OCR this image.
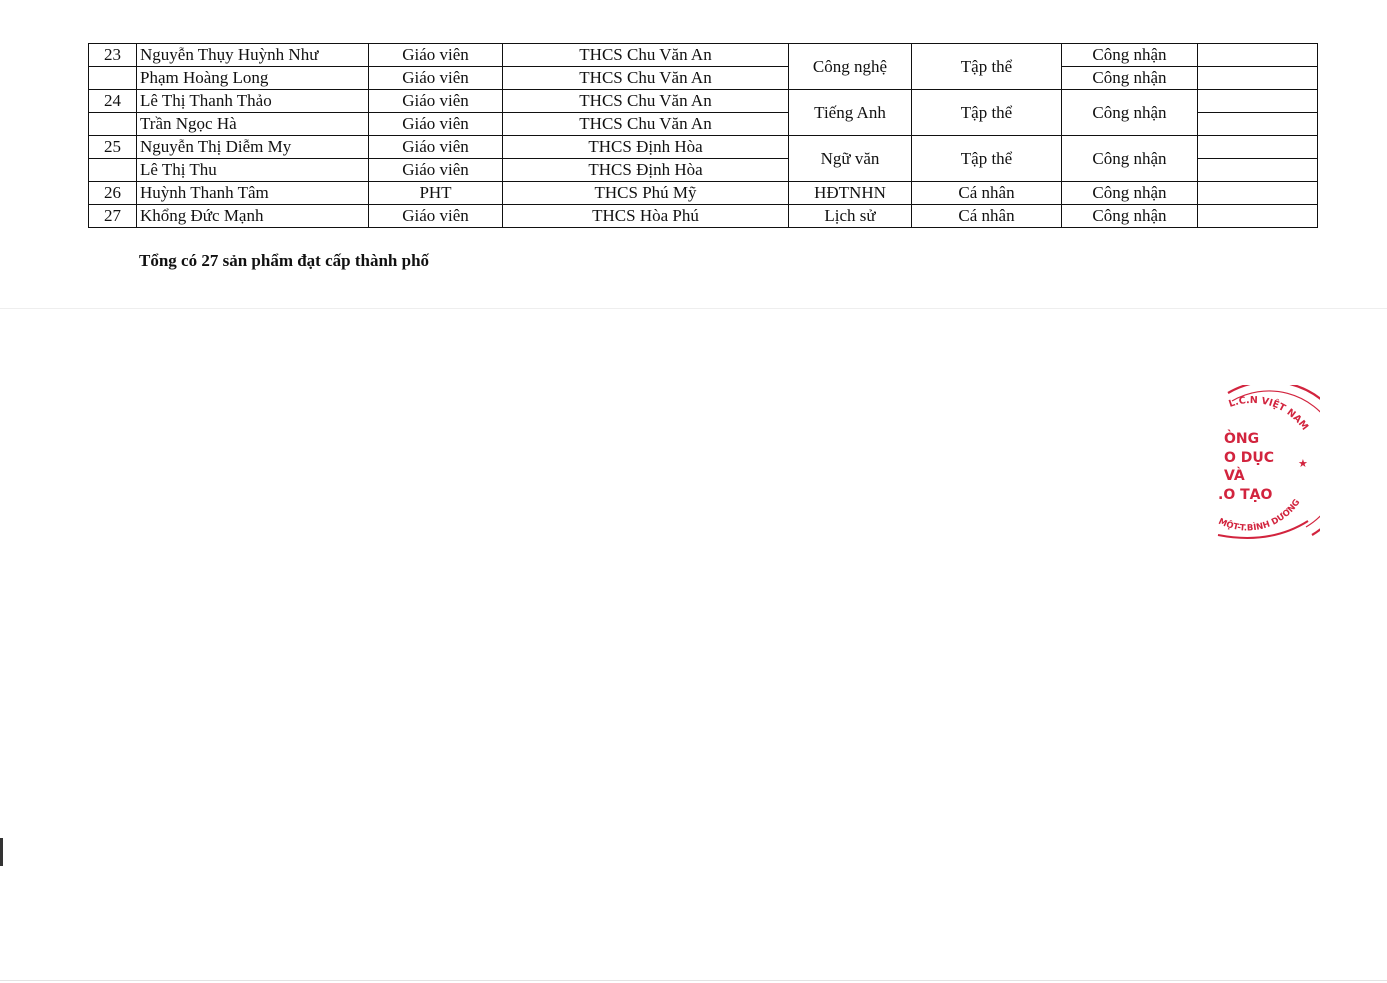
23	Nguyễn Thụy Huỳnh Như	Giáo viên	THCS Chu Văn An	Công nghệ	Tập thể	Công nhận	
	Phạm Hoàng Long	Giáo viên	THCS Chu Văn An			Công nhận	
24	Lê Thị Thanh Thảo	Giáo viên	THCS Chu Văn An	Tiếng Anh	Tập thể	Công nhận	
	Trần Ngọc Hà	Giáo viên	THCS Chu Văn An				
25	Nguyễn Thị Diễm My	Giáo viên	THCS Định Hòa	Ngữ văn	Tập thể	Công nhận	
	Lê Thị Thu	Giáo viên	THCS Định Hòa				
26	Huỳnh Thanh Tâm	PHT	THCS Phú Mỹ	HĐTNHN	Cá nhân	Công nhận	
27	Khổng Đức Mạnh	Giáo viên	THCS Hòa Phú	Lịch sử	Cá nhân	Công nhận	
Tổng có 27 sản phẩm đạt cấp thành phố
L.C.N VIỆT NAM
MỘT-T.BÌNH DƯƠNG
★
ÒNG
O DỤC
VÀ
.O TẠO
